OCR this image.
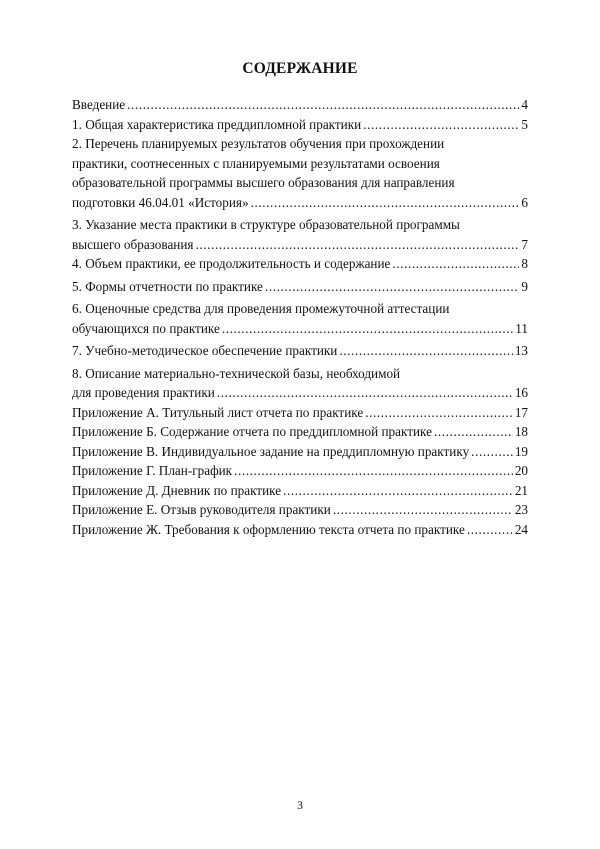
СОДЕРЖАНИЕ
Введение .....	4
1. Общая характеристика преддипломной практики .....	5
2. Перечень планируемых результатов обучения при прохождении
практики, соотнесенных с планируемыми результатами освоения
образовательной программы высшего образования для направления
подготовки 46.04.01 «История» .....	6
3. Указание места практики в структуре образовательной программы
высшего образования .....	7
4. Объем практики, ее продолжительность и содержание .....	8
5. Формы отчетности по практике .....	9
6. Оценочные средства для проведения промежуточной аттестации
обучающихся по практике .....	11
7. Учебно-методическое обеспечение практики .....	13
8. Описание материально-технической базы, необходимой
для проведения практики .....	16
Приложение А. Титульный лист отчета по практике .....	17
Приложение Б. Содержание отчета по преддипломной практике .....	18
Приложение В. Индивидуальное задание на преддипломную практику .....	19
Приложение Г. План-график .....	20
Приложение Д. Дневник по практике .....	21
Приложение Е. Отзыв руководителя практики .....	23
Приложение Ж. Требования к оформлению текста отчета по практике .....	24
3
